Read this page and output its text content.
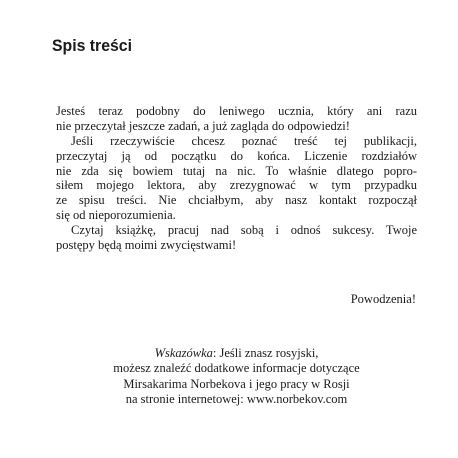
Spis treści
Jesteś teraz podobny do leniwego ucznia, który ani razu
nie przeczytał jeszcze zadań, a już zagląda do odpowiedzi!
Jeśli rzeczywiście chcesz poznać treść tej publikacji,
przeczytaj ją od początku do końca. Liczenie rozdziałów
nie zda się bowiem tutaj na nic. To właśnie dlatego popro-
siłem mojego lektora, aby zrezygnować w tym przypadku
ze spisu treści. Nie chciałbym, aby nasz kontakt rozpoczął
się od nieporozumienia.
Czytaj książkę, pracuj nad sobą i odnoś sukcesy. Twoje
postępy będą moimi zwycięstwami!

Powodzenia!

Wskazówka: Jeśli znasz rosyjski,
możesz znaleźć dodatkowe informacje dotyczące
Mirsakarima Norbekova i jego pracy w Rosji
na stronie internetowej: www.norbekov.com
